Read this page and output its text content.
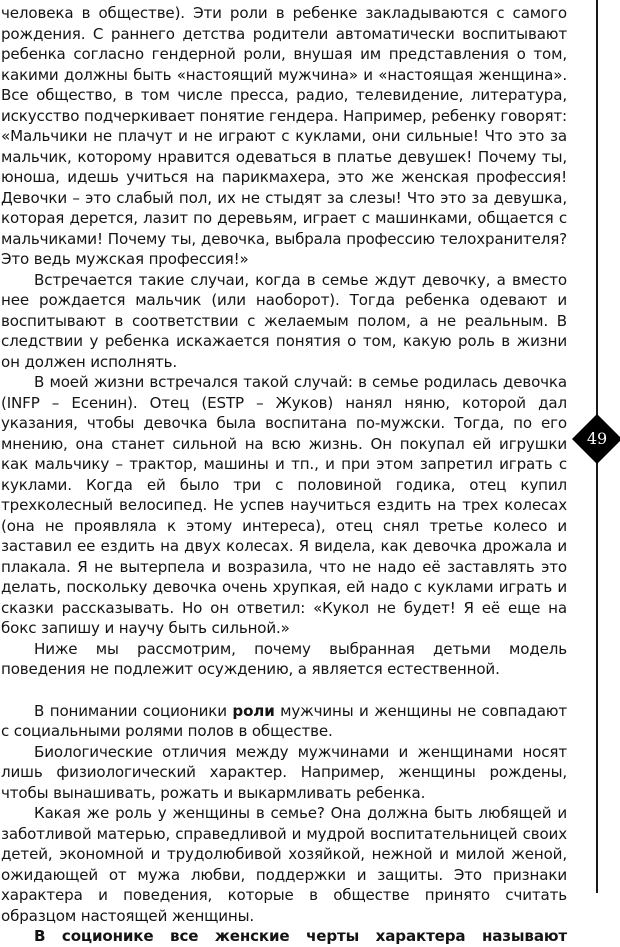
человека в обществе). Эти роли в ребенке закладываются с самого рождения. С раннего детства родители автоматически воспитывают ребенка согласно гендерной роли, внушая им представления о том, какими должны быть «настоящий мужчина» и «настоящая женщина». Все общество, в том числе пресса, радио, телевидение, литература, искусство подчеркивает понятие гендера. Например, ребенку говорят: «Мальчики не плачут и не играют с куклами, они сильные! Что это за мальчик, которому нравится одеваться в платье девушек! Почему ты, юноша, идешь учиться на парикмахера, это же женская профессия! Девочки – это слабый пол, их не стыдят за слезы! Что это за девушка, которая дерется, лазит по деревьям, играет с машинками, общается с мальчиками! Почему ты, девочка, выбрала профессию телохранителя? Это ведь мужская профессия!»

Встречается такие случаи, когда в семье ждут девочку, а вместо нее рождается мальчик (или наоборот). Тогда ребенка одевают и воспитывают в соответствии с желаемым полом, а не реальным. В следствии у ребенка искажается понятия о том, какую роль в жизни он должен исполнять.

В моей жизни встречался такой случай: в семье родилась девочка (INFP – Есенин). Отец (ESTP – Жуков) нанял няню, которой дал указания, чтобы девочка была воспитана по-мужски. Тогда, по его мнению, она станет сильной на всю жизнь. Он покупал ей игрушки как мальчику – трактор, машины и тп., и при этом запретил играть с куклами. Когда ей было три с половиной годика, отец купил трехколесный велосипед. Не успев научиться ездить на трех колесах (она не проявляла к этому интереса), отец снял третье колесо и заставил ее ездить на двух колесах. Я видела, как девочка дрожала и плакала. Я не вытерпела и возразила, что не надо её заставлять это делать, поскольку девочка очень хрупкая, ей надо с куклами играть и сказки рассказывать. Но он ответил: «Кукол не будет! Я её еще на бокс запишу и научу быть сильной.»

Ниже мы рассмотрим, почему выбранная детьми модель поведения не подлежит осуждению, а является естественной.

В понимании соционики роли мужчины и женщины не совпадают с социальными ролями полов в обществе.

Биологические отличия между мужчинами и женщинами носят лишь физиологический характер. Например, женщины рождены, чтобы вынашивать, рожать и выкармливать ребенка.

Какая же роль у женщины в семье? Она должна быть любящей и заботливой матерью, справедливой и мудрой воспитательницей своих детей, экономной и трудолюбивой хозяйкой, нежной и милой женой, ожидающей от мужа любви, поддержки и защиты. Это признаки характера и поведения, которые в обществе принято считать образцом настоящей женщины.

В соционике все женские черты характера называют

49
